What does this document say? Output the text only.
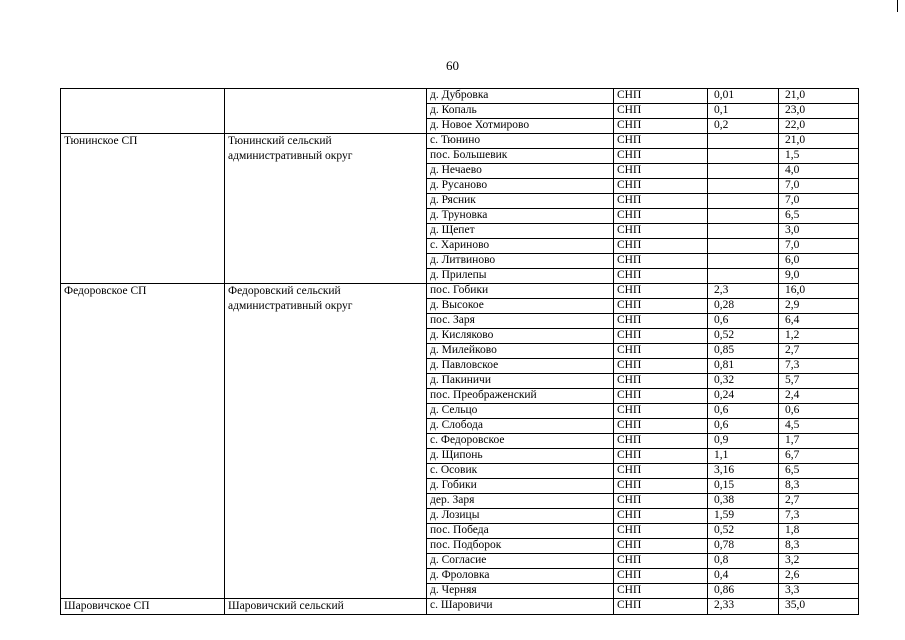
60
		д. Дубровка	СНП	0,01	21,0
		д. Копаль	СНП	0,1	23,0
		д. Новое Хотмирово	СНП	0,2	22,0
Тюнинское СП	Тюнинский сельский административный округ	с. Тюнино	СНП		21,0
		пос. Большевик	СНП		1,5
		д. Нечаево	СНП		4,0
		д. Русаново	СНП		7,0
		д. Рясник	СНП		7,0
		д. Труновка	СНП		6,5
		д. Щепет	СНП		3,0
		с. Хариново	СНП		7,0
		д. Литвиново	СНП		6,0
		д. Прилепы	СНП		9,0
Федоровское СП	Федоровский сельский административный округ	пос. Гобики	СНП	2,3	16,0
		д. Высокое	СНП	0,28	2,9
		пос. Заря	СНП	0,6	6,4
		д. Кисляково	СНП	0,52	1,2
		д. Милейково	СНП	0,85	2,7
		д. Павловское	СНП	0,81	7,3
		д. Пакиничи	СНП	0,32	5,7
		пос. Преображенский	СНП	0,24	2,4
		д. Сельцо	СНП	0,6	0,6
		д. Слобода	СНП	0,6	4,5
		с. Федоровское	СНП	0,9	1,7
		д. Щипонь	СНП	1,1	6,7
		с. Осовик	СНП	3,16	6,5
		д. Гобики	СНП	0,15	8,3
		дер. Заря	СНП	0,38	2,7
		д. Лозицы	СНП	1,59	7,3
		пос. Победа	СНП	0,52	1,8
		пос. Подборок	СНП	0,78	8,3
		д. Согласие	СНП	0,8	3,2
		д. Фроловка	СНП	0,4	2,6
		д. Черняя	СНП	0,86	3,3
Шаровичское СП	Шаровичский сельский	с. Шаровичи	СНП	2,33	35,0
